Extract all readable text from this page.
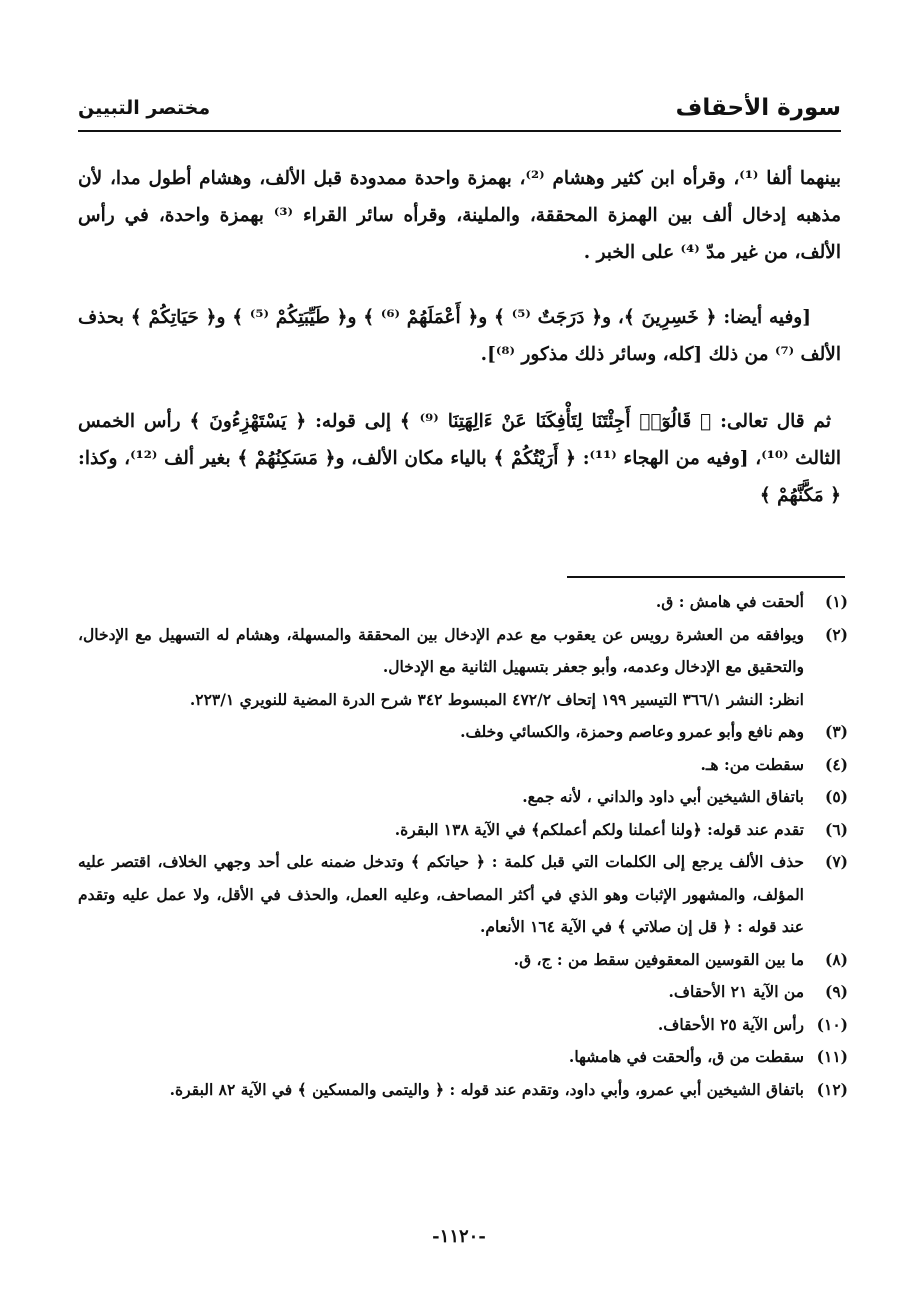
سورة الأحقاف
مختصر التبيين

بينهما ألفا ⁽¹⁾، وقرأه ابن كثير وهشام ⁽²⁾، بهمزة واحدة ممدودة قبل الألف، وهشام أطول مدا، لأن مذهبه إدخال ألف بين الهمزة المحققة، والملينة، وقرأه سائر القراء ⁽³⁾ بهمزة واحدة، في رأس الألف، من غير مدّ ⁽⁴⁾ على الخبر .

[وفيه أيضا: ﴿ خَسِرِينَ ﴾، و﴿ دَرَجَتٌ ⁽⁵⁾ ﴾ و﴿ أَعْمَلَهُمْ ⁽⁶⁾ ﴾ و﴿ طَيِّبَتِكُمْ ⁽⁵⁾ ﴾ و﴿ حَيَاتِكُمْ ﴾ بحذف الألف ⁽⁷⁾ من ذلك [كله، وسائر ذلك مذكور ⁽⁸⁾].

ثم قال تعالى: ﴿ قَالُوٓا۟ أَجِئْتَنَا لِتَأْفِكَنَا عَنْ ءَالِهَتِنَا ⁽⁹⁾ ﴾ إلى قوله: ﴿ يَسْتَهْزِءُونَ ﴾ رأس الخمس الثالث ⁽¹⁰⁾، [وفيه من الهجاء ⁽¹¹⁾: ﴿ أَرَيْتُكُمْ ﴾ بالياء مكان الألف، و﴿ مَسَكِنُهُمْ ﴾ بغير ألف ⁽¹²⁾، وكذا: ﴿ مَكَّنَّهُمْ ﴾

(١)
ألحقت في هامش : ق.
(٢)
ويوافقه من العشرة رويس عن يعقوب مع عدم الإدخال بين المحققة والمسهلة، وهشام له التسهيل مع الإدخال، والتحقيق مع الإدخال وعدمه، وأبو جعفر بتسهيل الثانية مع الإدخال.
انظر: النشر ٣٦٦/١ التيسير ١٩٩ إتحاف ٤٧٢/٢ المبسوط ٣٤٢ شرح الدرة المضية للنويري ٢٢٣/١.
(٣)
وهم نافع وأبو عمرو وعاصم وحمزة، والكسائي وخلف.
(٤)
سقطت من: هـ.
(٥)
باتفاق الشيخين أبي داود والداني ، لأنه جمع.
(٦)
تقدم عند قوله: ﴿ولنا أعملنا ولكم أعملكم﴾ في الآية ١٣٨ البقرة.
(٧)
حذف الألف يرجع إلى الكلمات التي قبل كلمة : ﴿ حياتكم ﴾ وتدخل ضمنه على أحد وجهي الخلاف، اقتصر عليه المؤلف، والمشهور الإثبات وهو الذي في أكثر المصاحف، وعليه العمل، والحذف في الأقل، ولا عمل عليه وتقدم عند قوله : ﴿ قل إن صلاتي ﴾ في الآية ١٦٤ الأنعام.
(٨)
ما بين القوسين المعقوفين سقط من : ج، ق.
(٩)
من الآية ٢١ الأحقاف.
(١٠)
رأس الآية ٢٥ الأحقاف.
(١١)
سقطت من ق، وألحقت في هامشها.
(١٢)
باتفاق الشيخين أبي عمرو، وأبي داود، وتقدم عند قوله : ﴿ واليتمى والمسكين ﴾ في الآية ٨٢ البقرة.
-١١٢٠-
